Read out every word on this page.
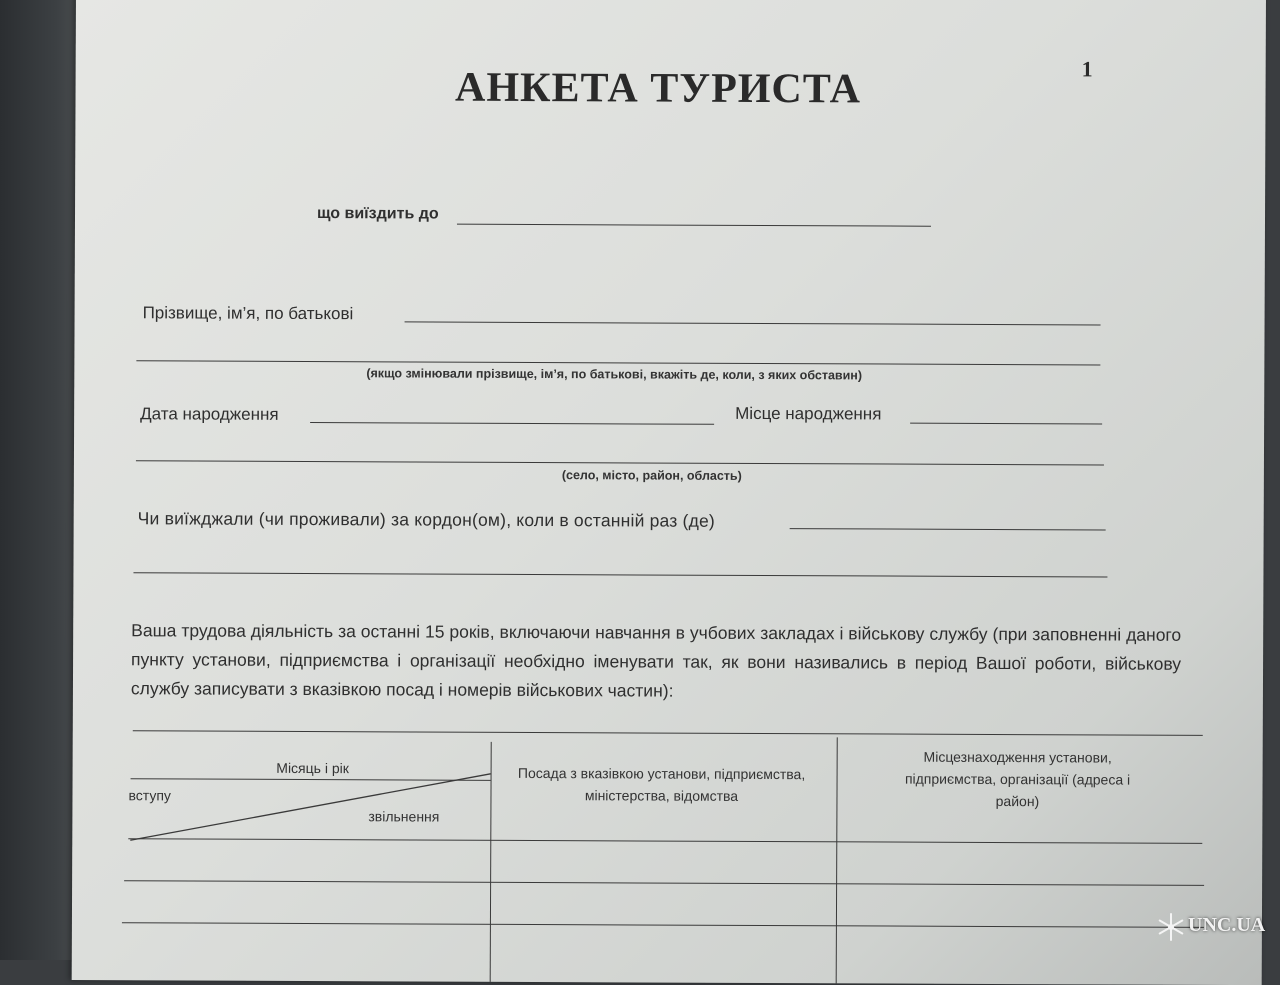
1
АНКЕТА ТУРИСТА
що виїздить до
Прізвище, ім’я, по батькові
(якщо змінювали прізвище, ім’я, по батькові, вкажіть де, коли, з яких обставин)
Дата народження	Місце народження
(село, місто, район, область)
Чи виїжджали (чи проживали) за кордон(ом), коли в останній раз (де)
Ваша трудова діяльність за останні 15 років, включаючи навчання в учбових закладах і військову службу (при заповненні даного пункту установи, підприємства і організації необхідно іменувати так, як вони називались в період Вашої роботи, військову службу записувати з вказівкою посад і номерів військових частин):
Місяць і рік
вступу
звільнення
Посада з вказівкою установи, підприємства, міністерства, відомства
Місцезнаходження установи, підприємства, організації (адреса і район)
UNC.UA
